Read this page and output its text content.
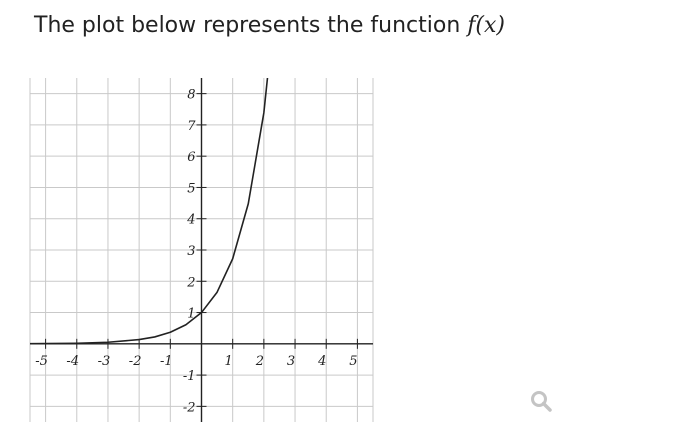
The plot below represents the function f(x)
-5 -4 -3 -2 -1	1 2 3 4 5
8
7
6
5
4
3
2
1
-1
-2
